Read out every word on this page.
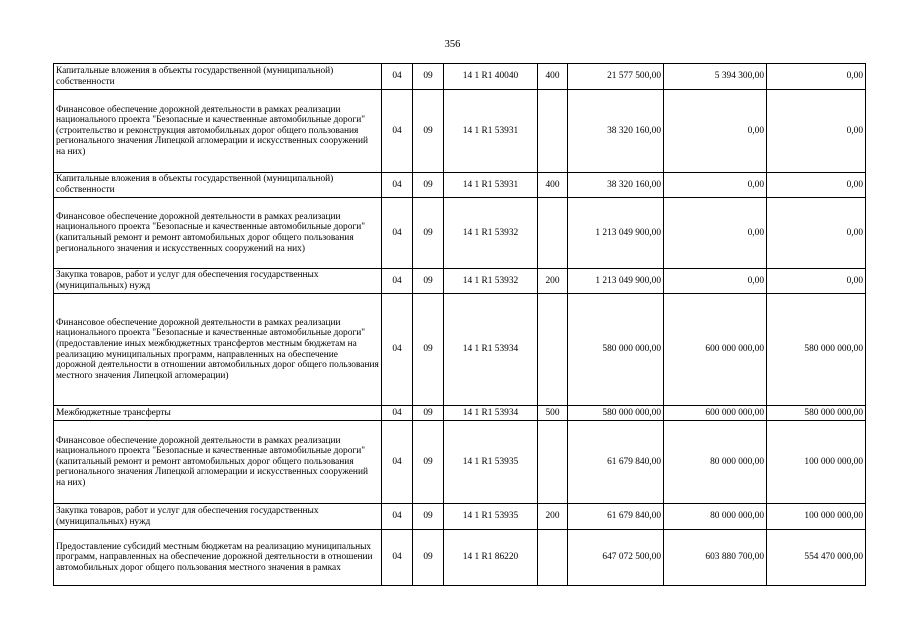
356
Капитальные вложения в объекты государственной (муниципальной) собственности	04	09	14 1 R1 40040	400	21 577 500,00	5 394 300,00	0,00
Финансовое обеспечение дорожной деятельности в рамках реализации национального проекта "Безопасные и качественные автомобильные дороги" (строительство и реконструкция автомобильных дорог общего пользования регионального значения Липецкой агломерации и искусственных сооружений на них)	04	09	14 1 R1 53931		38 320 160,00	0,00	0,00
Капитальные вложения в объекты государственной (муниципальной) собственности	04	09	14 1 R1 53931	400	38 320 160,00	0,00	0,00
Финансовое обеспечение дорожной деятельности в рамках реализации национального проекта "Безопасные и качественные автомобильные дороги" (капитальный ремонт и ремонт автомобильных дорог общего пользования регионального значения и искусственных сооружений на них)	04	09	14 1 R1 53932		1 213 049 900,00	0,00	0,00
Закупка товаров, работ и услуг для обеспечения государственных (муниципальных) нужд	04	09	14 1 R1 53932	200	1 213 049 900,00	0,00	0,00
Финансовое обеспечение дорожной деятельности в рамках реализации национального проекта "Безопасные и качественные автомобильные дороги" (предоставление иных межбюджетных трансфертов местным бюджетам на реализацию муниципальных программ, направленных на обеспечение дорожной деятельности в отношении автомобильных дорог общего пользования местного значения Липецкой агломерации)	04	09	14 1 R1 53934		580 000 000,00	600 000 000,00	580 000 000,00
Межбюджетные трансферты	04	09	14 1 R1 53934	500	580 000 000,00	600 000 000,00	580 000 000,00
Финансовое обеспечение дорожной деятельности в рамках реализации национального проекта "Безопасные и качественные автомобильные дороги" (капитальный ремонт и ремонт автомобильных дорог общего пользования регионального значения Липецкой агломерации и искусственных сооружений на них)	04	09	14 1 R1 53935		61 679 840,00	80 000 000,00	100 000 000,00
Закупка товаров, работ и услуг для обеспечения государственных (муниципальных) нужд	04	09	14 1 R1 53935	200	61 679 840,00	80 000 000,00	100 000 000,00
Предоставление субсидий местным бюджетам на реализацию муниципальных программ, направленных на обеспечение дорожной деятельности в отношении автомобильных дорог общего пользования местного значения в рамках	04	09	14 1 R1 86220		647 072 500,00	603 880 700,00	554 470 000,00
